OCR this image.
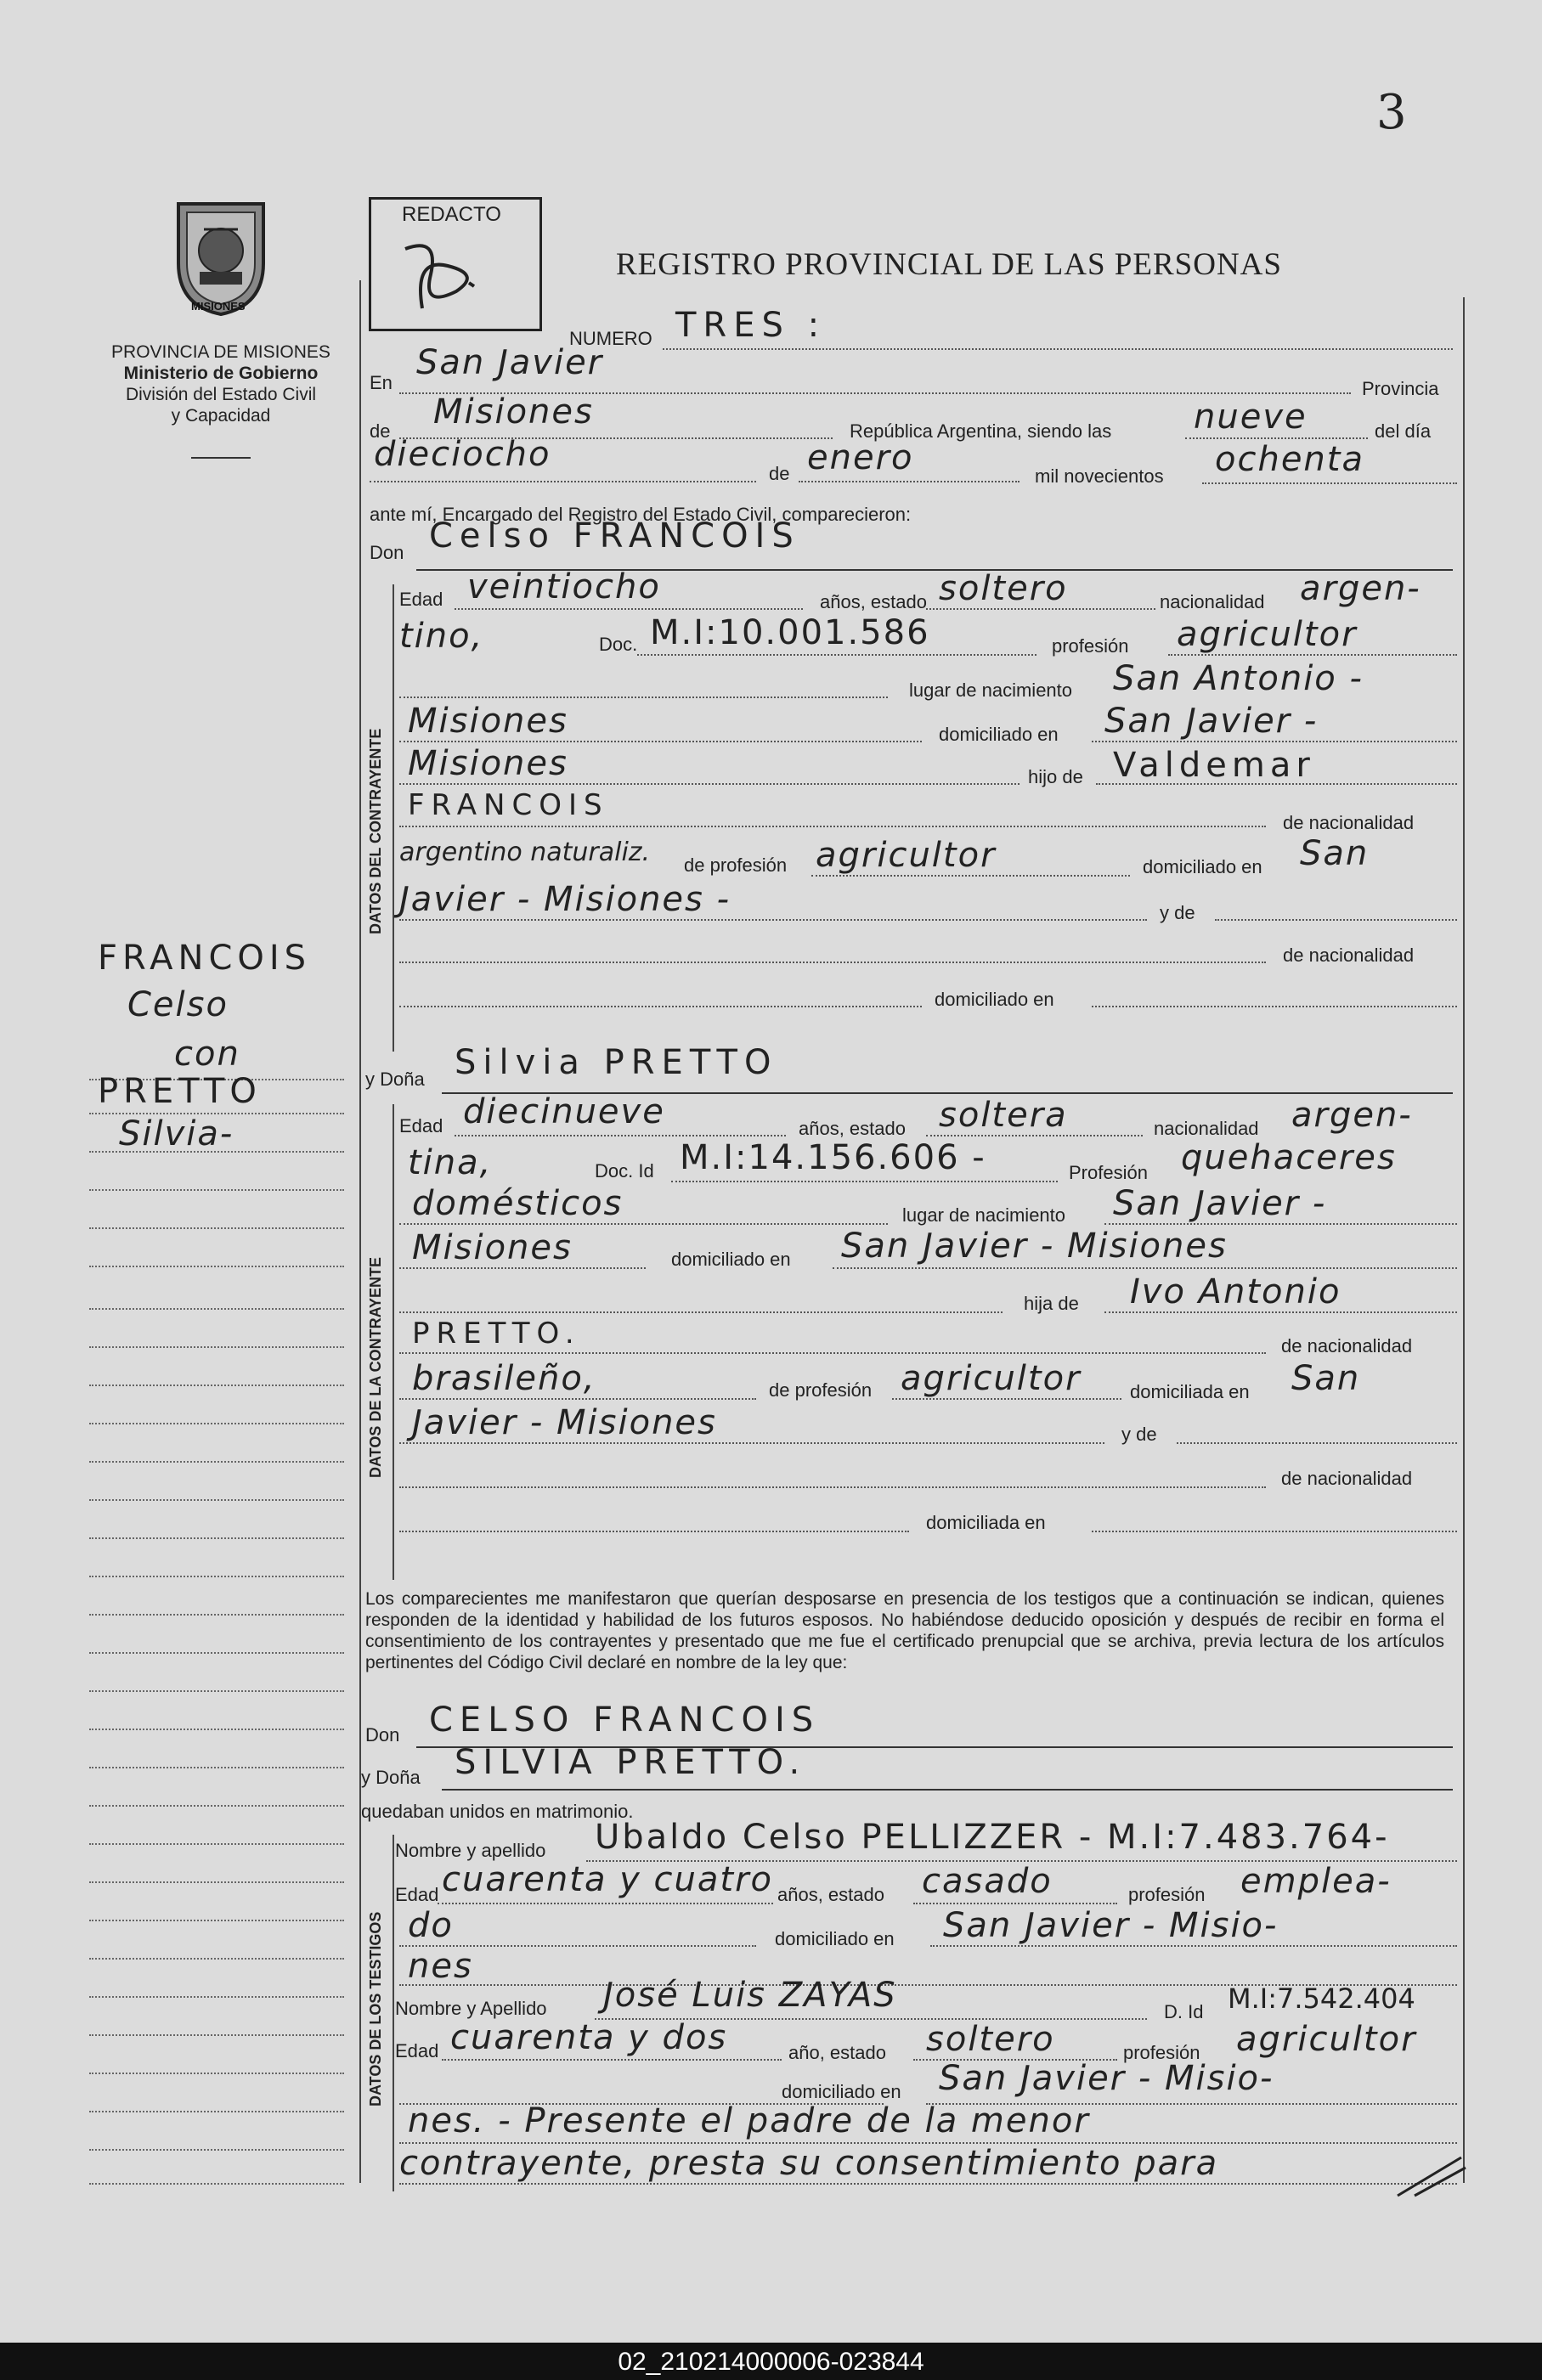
3
MISIONES
PROVINCIA DE MISIONES
Ministerio de Gobierno
División del Estado Civil
y Capacidad
REDACTO
REGISTRO PROVINCIAL DE LAS PERSONAS
FRANCOIS
Celso
con
PRETTO
Silvia-
NUMERO TRES :
En
San Javier
Provincia
de Misiones	República Argentina, siendo las nueve	del día
dieciocho	de enero	mil novecientos ochenta
ante mí, Encargado del Registro del Estado Civil, comparecieron:
Don Celso FRANCOIS
DATOS DEL CONTRAYENTE
Edad veintiocho	años, estado soltero	nacionalidad argen-
tino,	Doc. M.I:10.001.586	profesión agricultor
lugar de nacimiento San Antonio -
Misiones	domiciliado en San Javier -
Misiones	hijo de Valdemar
FRANCOIS
de nacionalidad
argentino naturaliz. de profesión agricultor	domiciliado en San
Javier - Misiones -	y de
de nacionalidad
domiciliado en
y Doña Silvia PRETTO
DATOS DE LA CONTRAYENTE
Edad diecinueve	años, estado soltera	nacionalidad argen-
tina,	Doc. Id M.I:14.156.606 -	Profesión quehaceres
domésticos	lugar de nacimiento San Javier -
Misiones	domiciliado en San Javier - Misiones
hija de Ivo Antonio
PRETTO.	de nacionalidad
brasileño,	de profesión agricultor	domiciliada en San
Javier - Misiones	y de
de nacionalidad
domiciliada en
Los comparecientes me manifestaron que querían desposarse en presencia de los testigos que a continuación se indican, quienes responden de la identidad y habilidad de los futuros esposos. No habiéndose deducido oposición y después de recibir en forma el consentimiento de los contrayentes y presentado que me fue el certificado prenupcial que se archiva, previa lectura de los artículos pertinentes del Código Civil declaré en nombre de la ley que:
Don CELSO FRANCOIS
y Doña SILVIA PRETTO.
quedaban unidos en matrimonio.
DATOS DE LOS TESTIGOS
Nombre y apellido Ubaldo Celso PELLIZZER - M.I:7.483.764-
Edad cuarenta y cuatro años, estado casado	profesión emplea-
do	domiciliado en San Javier - Misio-
nes
Nombre y Apellido José Luis ZAYAS	D. Id M.I:7.542.404
Edad cuarenta y dos	año, estado soltero	profesión agricultor
domiciliado en San Javier - Misio-
nes. - Presente el padre de la menor
contrayente, presta su consentimiento para
02_210214000006-023844
